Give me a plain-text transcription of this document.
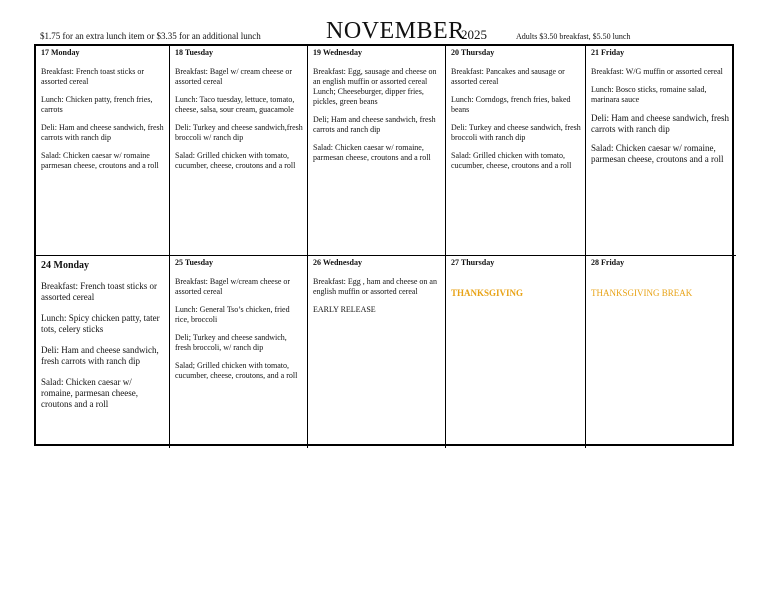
$1.75 for an extra lunch item or $3.35 for an additional lunch	NOVEMBER
2025	Adults $3.50 breakfast, $5.50 lunch
17 Monday
Breakfast: French toast sticks or assorted cereal
Lunch: Chicken patty, french fries, carrots
Deli: Ham and cheese sandwich, fresh carrots with ranch dip
Salad: Chicken caesar w/ romaine parmesan cheese, croutons and a roll
18 Tuesday
Breakfast: Bagel w/ cream cheese or assorted cereal
Lunch: Taco tuesday, lettuce, tomato, cheese, salsa, sour cream, guacamole
Deli: Turkey and cheese sandwich,fresh broccoli w/ ranch dip
Salad: Grilled chicken with tomato, cucumber, cheese, croutons and a roll
19 Wednesday
Breakfast: Egg, sausage and cheese on an english muffin or assorted cereal
Lunch; Cheeseburger, dipper fries, pickles, green beans
Deli; Ham and cheese sandwich, fresh carrots and ranch dip
Salad: Chicken caesar w/ romaine, parmesan cheese, croutons and a roll
20 Thursday
Breakfast: Pancakes and sausage or assorted cereal
Lunch: Corndogs, french fries, baked beans
Deli: Turkey and cheese sandwich, fresh broccoli with ranch dip
Salad: Grilled chicken with tomato, cucumber, cheese, croutons and a roll
21 Friday
Breakfast: W/G muffin or assorted cereal
Lunch: Bosco sticks, romaine salad, marinara sauce
Deli: Ham and cheese sandwich, fresh carrots with ranch dip
Salad: Chicken caesar w/ romaine, parmesan cheese, croutons and a roll
24 Monday
Breakfast: French toast sticks or assorted cereal
Lunch: Spicy chicken patty, tater tots, celery sticks
Deli: Ham and cheese sandwich, fresh carrots with ranch dip
Salad: Chicken caesar w/ romaine, parmesan cheese, croutons and a roll
25 Tuesday
Breakfast: Bagel w/cream cheese or assorted cereal
Lunch: General Tso’s chicken, fried rice, broccoli
Deli; Turkey and cheese sandwich, fresh broccoli, w/ ranch dip
Salad; Grilled chicken with tomato, cucumber, cheese, croutons, and a roll
26 Wednesday
Breakfast: Egg , ham and cheese on an english muffin or assorted cereal
EARLY RELEASE
27 Thursday
THANKSGIVING
28 Friday
THANKSGIVING BREAK
